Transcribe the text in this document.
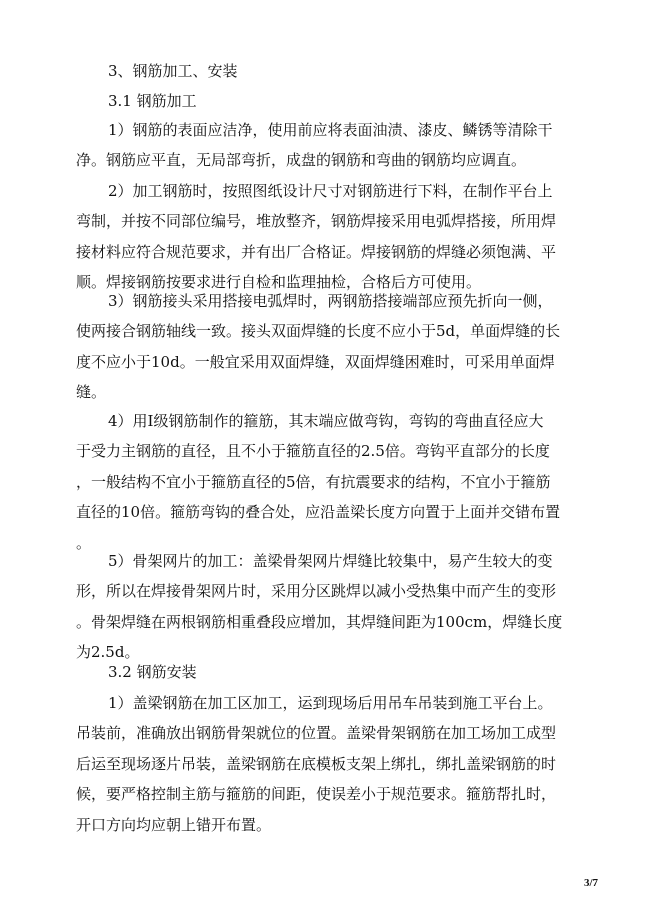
3、钢筋加工、安装
3.1 钢筋加工
1）钢筋的表面应洁净，使用前应将表面油渍、漆皮、鳞锈等清除干
净。钢筋应平直，无局部弯折，成盘的钢筋和弯曲的钢筋均应调直。
2）加工钢筋时，按照图纸设计尺寸对钢筋进行下料，在制作平台上
弯制，并按不同部位编号，堆放整齐，钢筋焊接采用电弧焊搭接，所用焊
接材料应符合规范要求，并有出厂合格证。焊接钢筋的焊缝必须饱满、平
顺。焊接钢筋按要求进行自检和监理抽检，合格后方可使用。
3）钢筋接头采用搭接电弧焊时，两钢筋搭接端部应预先折向一侧，
使两接合钢筋轴线一致。接头双面焊缝的长度不应小于5d，单面焊缝的长
度不应小于10d。一般宜采用双面焊缝，双面焊缝困难时，可采用单面焊
缝。
4）用Ⅰ级钢筋制作的箍筋，其末端应做弯钩，弯钩的弯曲直径应大
于受力主钢筋的直径，且不小于箍筋直径的2.5倍。弯钩平直部分的长度
，一般结构不宜小于箍筋直径的5倍，有抗震要求的结构，不宜小于箍筋
直径的10倍。箍筋弯钩的叠合处，应沿盖梁长度方向置于上面并交错布置
。
5）骨架网片的加工：盖梁骨架网片焊缝比较集中，易产生较大的变
形，所以在焊接骨架网片时，采用分区跳焊以减小受热集中而产生的变形
。骨架焊缝在两根钢筋相重叠段应增加，其焊缝间距为100cm，焊缝长度
为2.5d。
3.2 钢筋安装
1）盖梁钢筋在加工区加工，运到现场后用吊车吊装到施工平台上。
吊装前，准确放出钢筋骨架就位的位置。盖梁骨架钢筋在加工场加工成型
后运至现场逐片吊装，盖梁钢筋在底模板支架上绑扎，绑扎盖梁钢筋的时
候，要严格控制主筋与箍筋的间距，使误差小于规范要求。箍筋帮扎时，
开口方向均应朝上错开布置。
3/7
